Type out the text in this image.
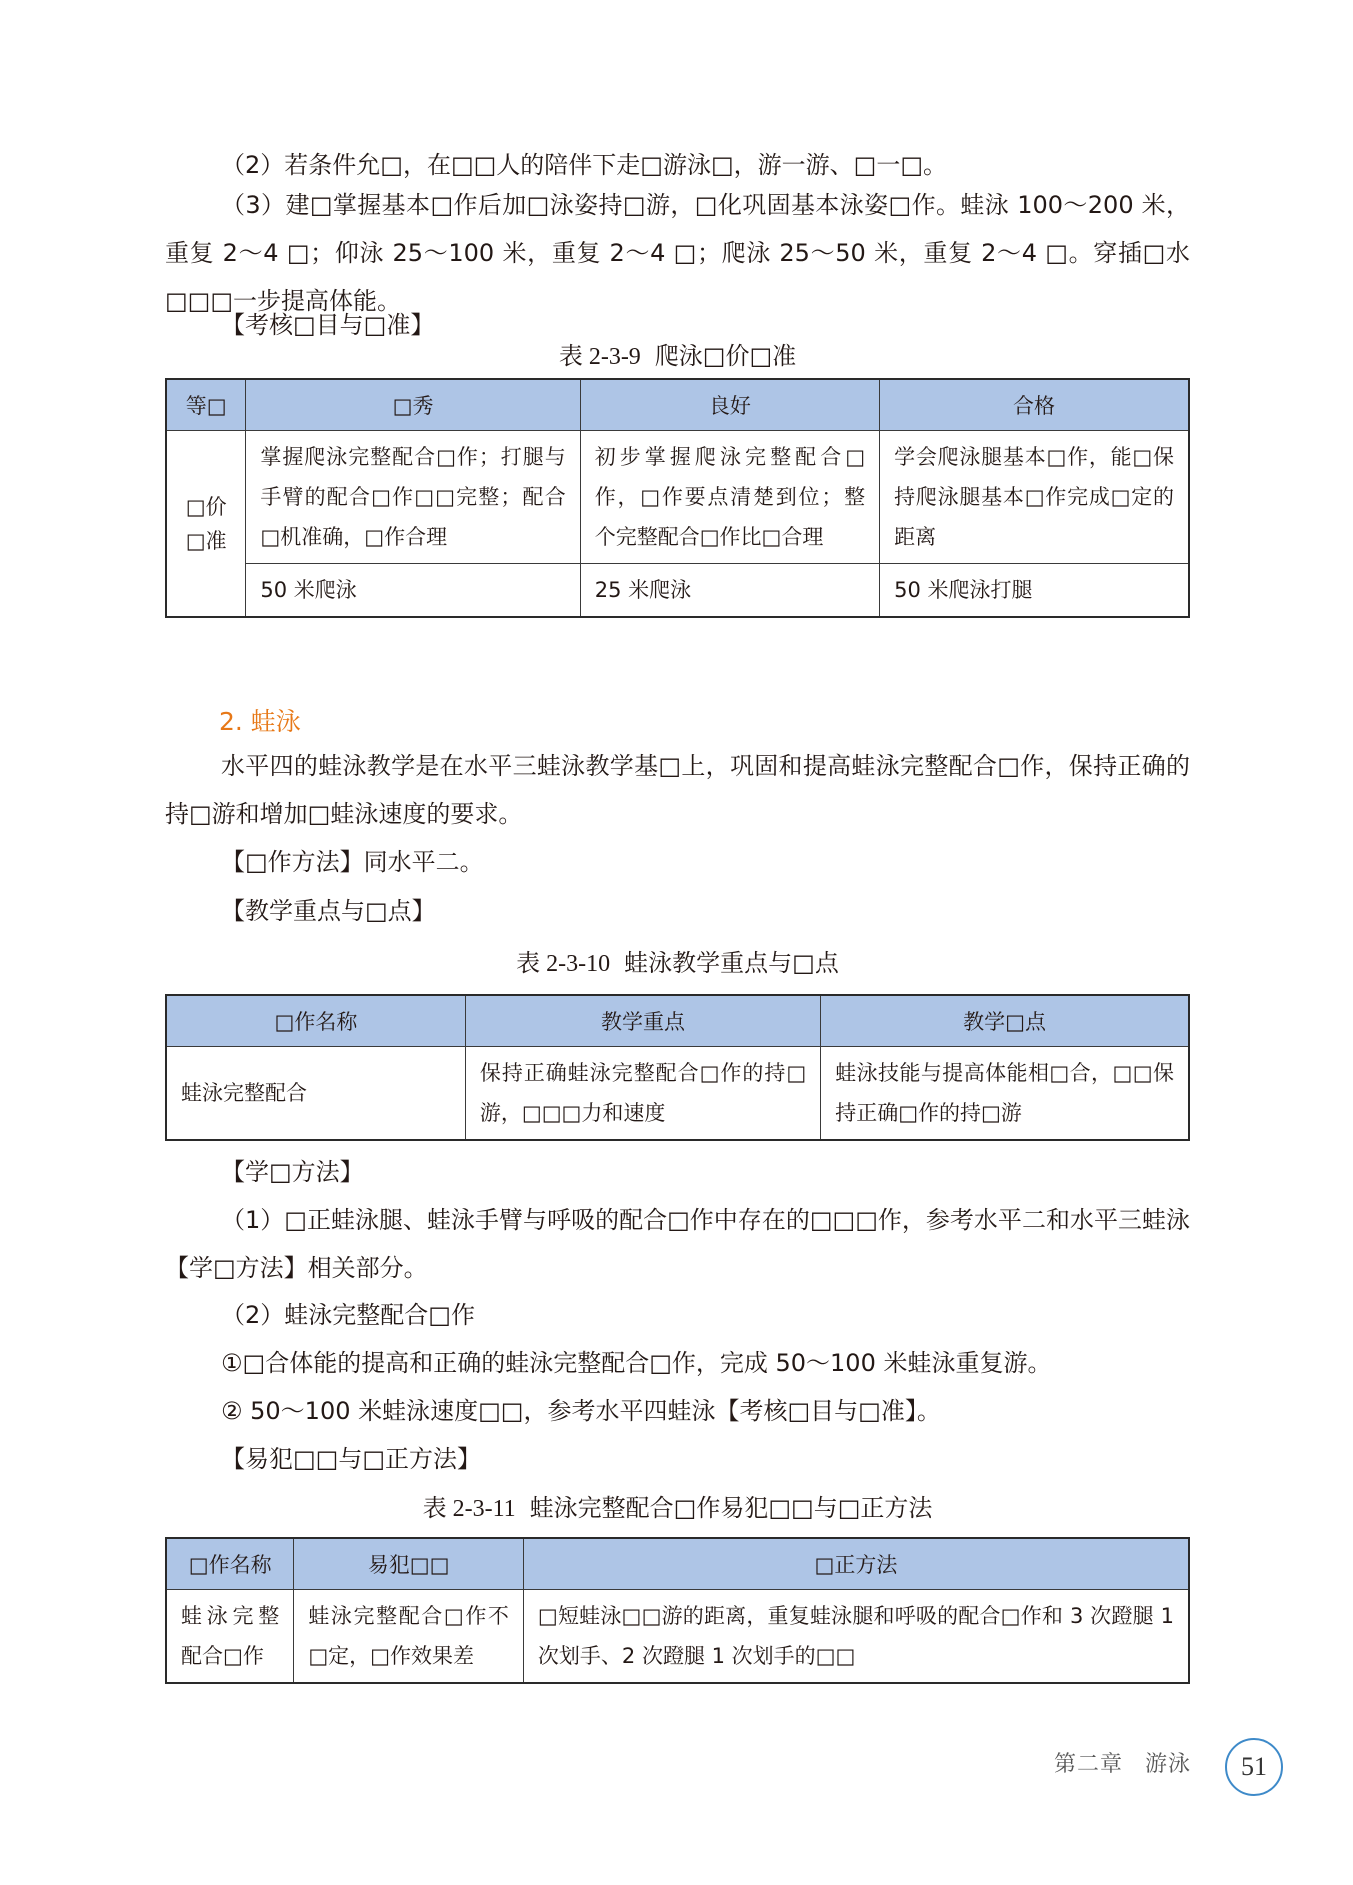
（2）若条件允□，在□□人的陪伴下走□游泳□，游一游、□一□。

（3）建□掌握基本□作后加□泳姿持□游，□化巩固基本泳姿□作。蛙泳 100～200 米，重复 2～4 □；仰泳 25～100 米，重复 2～4 □；爬泳 25～50 米，重复 2～4 □。穿插□水□□□一步提高体能。

【考核□目与□准】

表 2-3-9 爬泳□价□准

等□	□秀	良好	合格
□价□准	掌握爬泳完整配合□作；打腿与手臂的配合□作□□完整；配合□机准确，□作合理	初步掌握爬泳完整配合□作，□作要点清楚到位；整个完整配合□作比□合理	学会爬泳腿基本□作，能□保持爬泳腿基本□作完成□定的距离
	50 米爬泳	25 米爬泳	50 米爬泳打腿

2. 蛙泳

水平四的蛙泳教学是在水平三蛙泳教学基□上，巩固和提高蛙泳完整配合□作，保持正确的持□游和增加□蛙泳速度的要求。

【□作方法】同水平二。

【教学重点与□点】

表 2-3-10 蛙泳教学重点与□点

□作名称	教学重点	教学□点
蛙泳完整配合	保持正确蛙泳完整配合□作的持□游，□□□力和速度	蛙泳技能与提高体能相□合，□□保持正确□作的持□游

【学□方法】

（1）□正蛙泳腿、蛙泳手臂与呼吸的配合□作中存在的□□□作，参考水平二和水平三蛙泳【学□方法】相关部分。

（2）蛙泳完整配合□作

①□合体能的提高和正确的蛙泳完整配合□作，完成 50～100 米蛙泳重复游。

② 50～100 米蛙泳速度□□，参考水平四蛙泳【考核□目与□准】。

【易犯□□与□正方法】

表 2-3-11 蛙泳完整配合□作易犯□□与□正方法

□作名称	易犯□□	□正方法
蛙泳完整配合□作	蛙泳完整配合□作不□定，□作效果差	□短蛙泳□□游的距离，重复蛙泳腿和呼吸的配合□作和 3 次蹬腿 1 次划手、2 次蹬腿 1 次划手的□□
第二章 游泳	51
